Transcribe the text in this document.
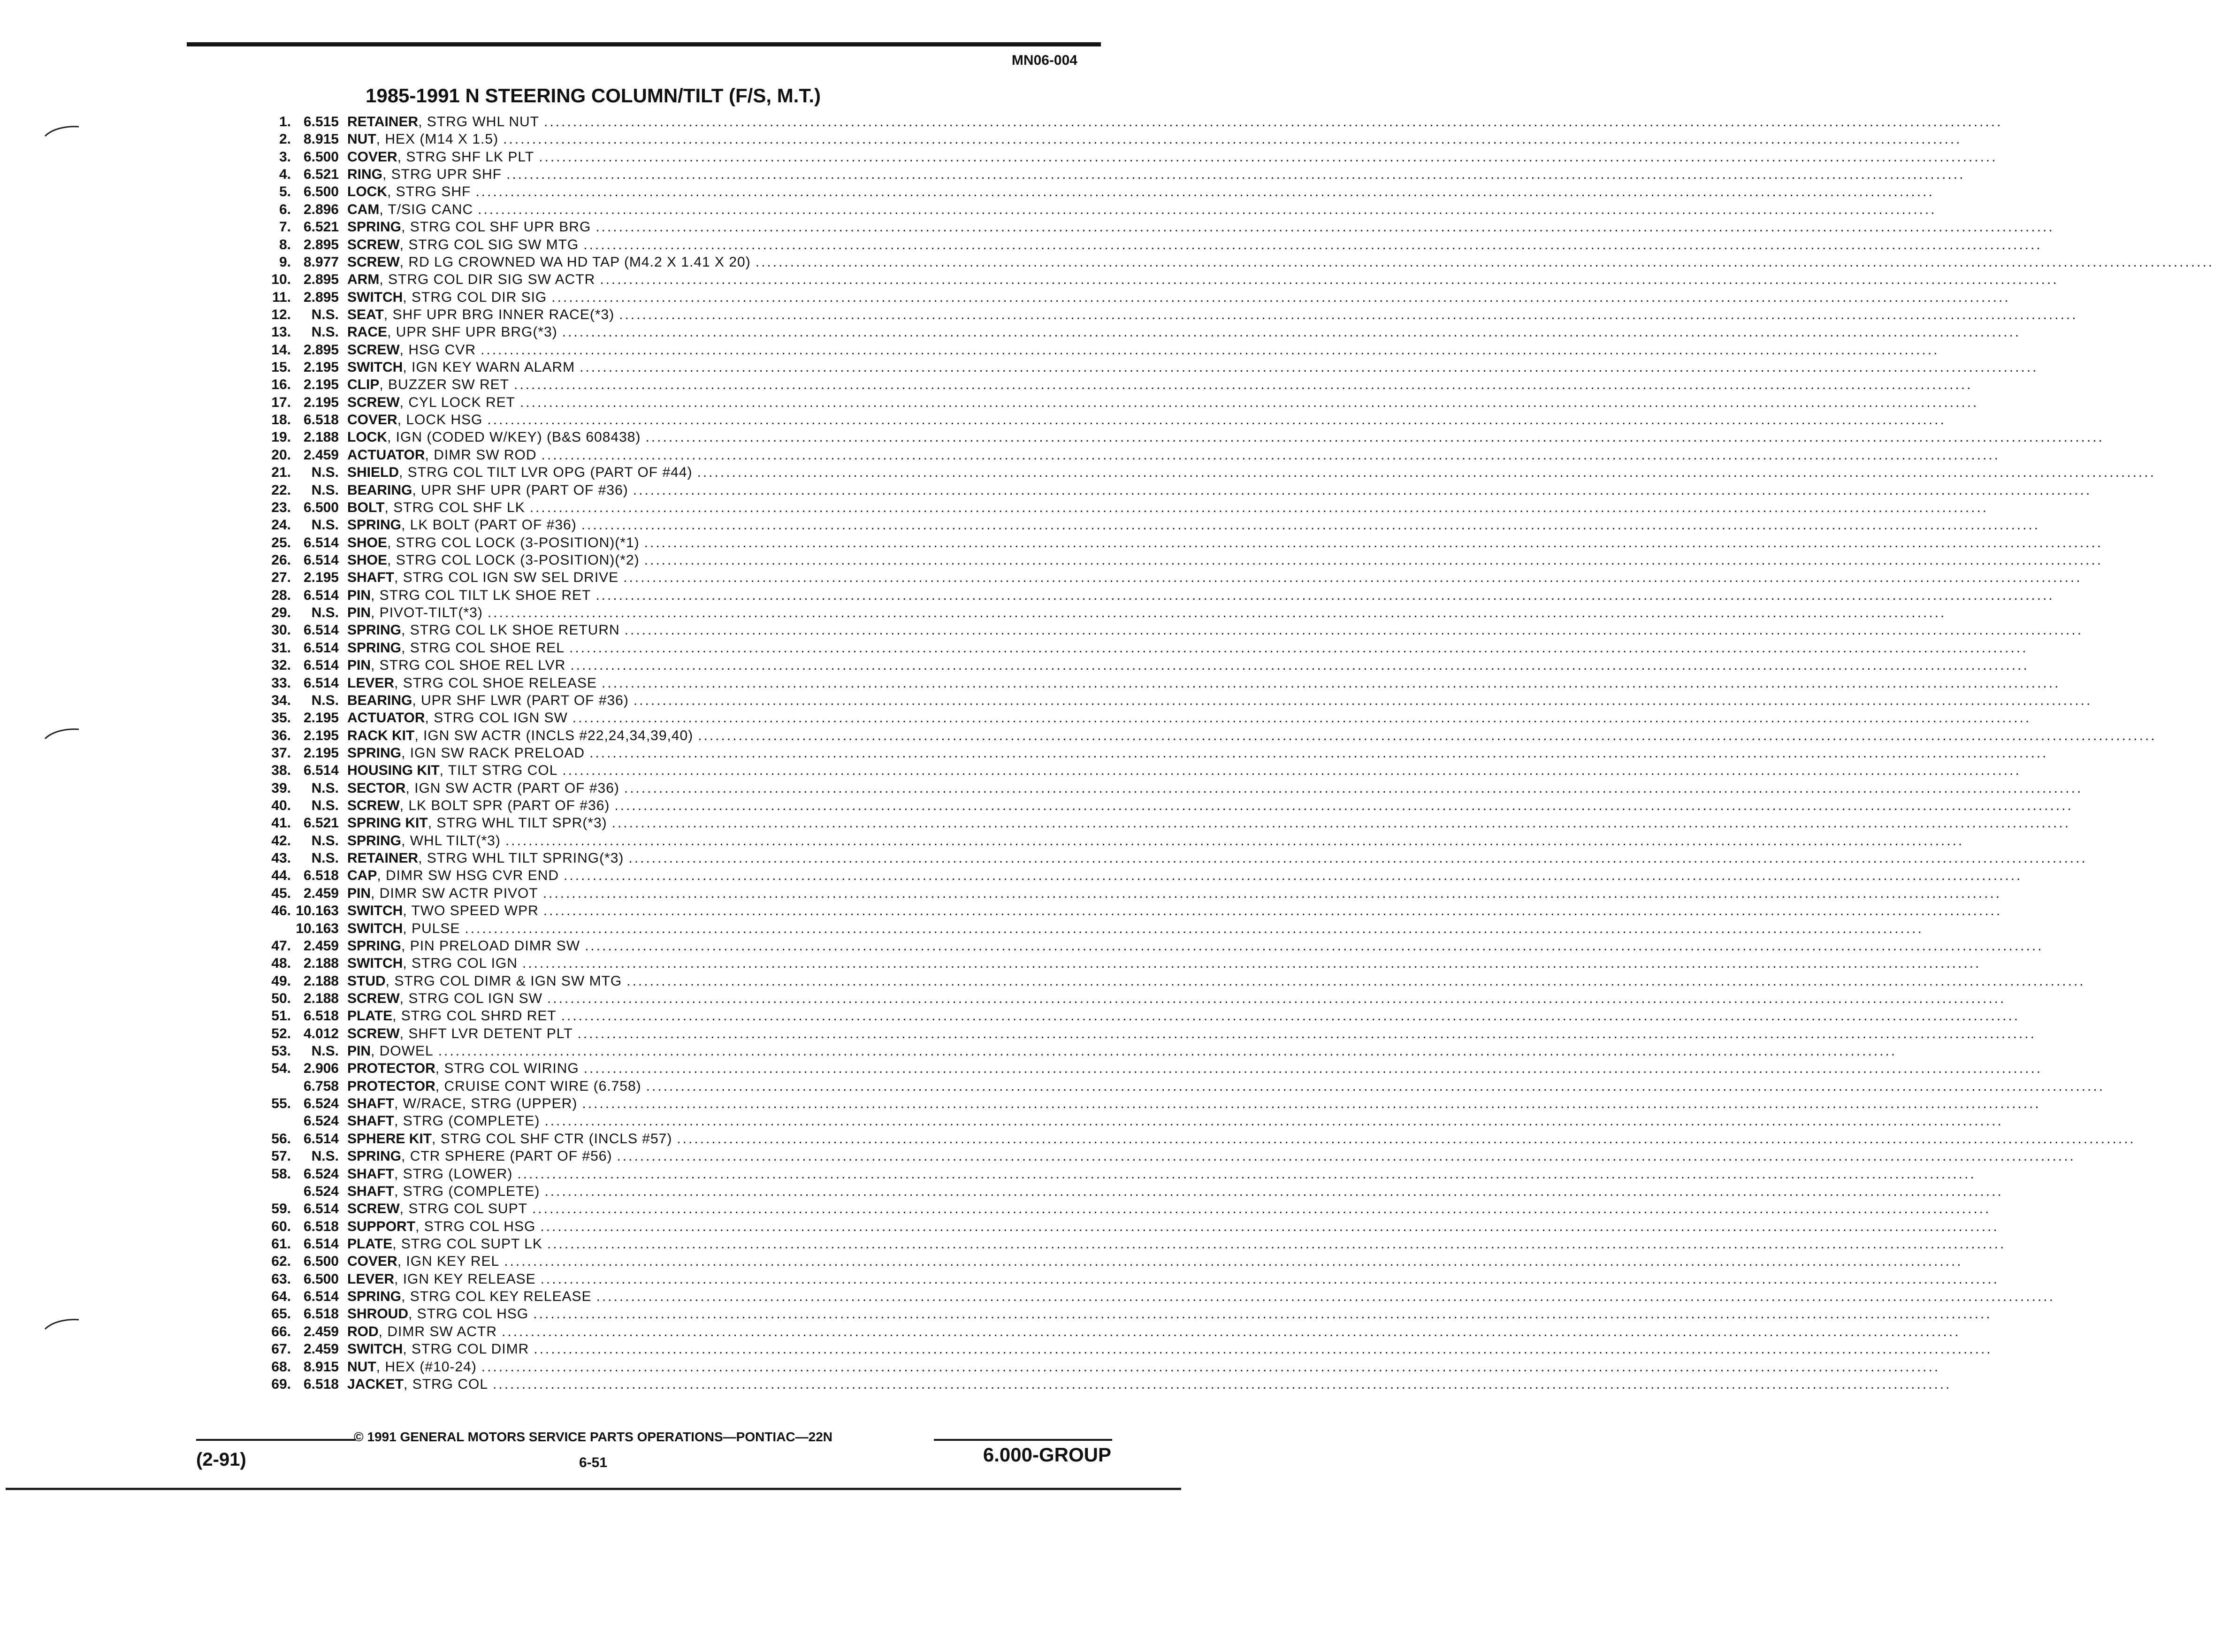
MN06-004
1985-1991 N STEERING COLUMN/TILT (F/S, M.T.)
1. 6.515 RETAINER , STRG WHL NUT ............................................................................................................................................................................................................................................................
2. 8.915 NUT , HEX (M14 X 1.5) ............................................................................................................................................................................................................................................................
3. 6.500 COVER , STRG SHF LK PLT ............................................................................................................................................................................................................................................................
4. 6.521 RING , STRG UPR SHF ............................................................................................................................................................................................................................................................
5. 6.500 LOCK , STRG SHF ............................................................................................................................................................................................................................................................
6. 2.896 CAM , T/SIG CANC ............................................................................................................................................................................................................................................................
7. 6.521 SPRING , STRG COL SHF UPR BRG ............................................................................................................................................................................................................................................................
8. 2.895 SCREW , STRG COL SIG SW MTG ............................................................................................................................................................................................................................................................
9. 8.977 SCREW , RD LG CROWNED WA HD TAP (M4.2 X 1.41 X 20) ............................................................................................................................................................................................................................................................
10. 2.895 ARM , STRG COL DIR SIG SW ACTR ............................................................................................................................................................................................................................................................
11. 2.895 SWITCH , STRG COL DIR SIG ............................................................................................................................................................................................................................................................
12. N.S. SEAT , SHF UPR BRG INNER RACE(*3) ............................................................................................................................................................................................................................................................
13. N.S. RACE , UPR SHF UPR BRG(*3) ............................................................................................................................................................................................................................................................
14. 2.895 SCREW , HSG CVR ............................................................................................................................................................................................................................................................
15. 2.195 SWITCH , IGN KEY WARN ALARM ............................................................................................................................................................................................................................................................
16. 2.195 CLIP , BUZZER SW RET ............................................................................................................................................................................................................................................................
17. 2.195 SCREW , CYL LOCK RET ............................................................................................................................................................................................................................................................
18. 6.518 COVER , LOCK HSG ............................................................................................................................................................................................................................................................
19. 2.188 LOCK , IGN (CODED W/KEY) (B&S 608438) ............................................................................................................................................................................................................................................................
20. 2.459 ACTUATOR , DIMR SW ROD ............................................................................................................................................................................................................................................................
21. N.S. SHIELD , STRG COL TILT LVR OPG (PART OF #44) ............................................................................................................................................................................................................................................................
22. N.S. BEARING , UPR SHF UPR (PART OF #36) ............................................................................................................................................................................................................................................................
23. 6.500 BOLT , STRG COL SHF LK ............................................................................................................................................................................................................................................................
24. N.S. SPRING , LK BOLT (PART OF #36) ............................................................................................................................................................................................................................................................
25. 6.514 SHOE , STRG COL LOCK (3-POSITION)(*1) ............................................................................................................................................................................................................................................................
26. 6.514 SHOE , STRG COL LOCK (3-POSITION)(*2) ............................................................................................................................................................................................................................................................
27. 2.195 SHAFT , STRG COL IGN SW SEL DRIVE ............................................................................................................................................................................................................................................................
28. 6.514 PIN , STRG COL TILT LK SHOE RET ............................................................................................................................................................................................................................................................
29. N.S. PIN , PIVOT-TILT(*3) ............................................................................................................................................................................................................................................................
30. 6.514 SPRING , STRG COL LK SHOE RETURN ............................................................................................................................................................................................................................................................
31. 6.514 SPRING , STRG COL SHOE REL ............................................................................................................................................................................................................................................................
32. 6.514 PIN , STRG COL SHOE REL LVR ............................................................................................................................................................................................................................................................
33. 6.514 LEVER , STRG COL SHOE RELEASE ............................................................................................................................................................................................................................................................
34. N.S. BEARING , UPR SHF LWR (PART OF #36) ............................................................................................................................................................................................................................................................
35. 2.195 ACTUATOR , STRG COL IGN SW ............................................................................................................................................................................................................................................................
36. 2.195 RACK KIT , IGN SW ACTR (INCLS #22,24,34,39,40) ............................................................................................................................................................................................................................................................
37. 2.195 SPRING , IGN SW RACK PRELOAD ............................................................................................................................................................................................................................................................
38. 6.514 HOUSING KIT , TILT STRG COL ............................................................................................................................................................................................................................................................
39. N.S. SECTOR , IGN SW ACTR (PART OF #36) ............................................................................................................................................................................................................................................................
40. N.S. SCREW , LK BOLT SPR (PART OF #36) ............................................................................................................................................................................................................................................................
41. 6.521 SPRING KIT , STRG WHL TILT SPR(*3) ............................................................................................................................................................................................................................................................
42. N.S. SPRING , WHL TILT(*3) ............................................................................................................................................................................................................................................................
43. N.S. RETAINER , STRG WHL TILT SPRING(*3) ............................................................................................................................................................................................................................................................
44. 6.518 CAP , DIMR SW HSG CVR END ............................................................................................................................................................................................................................................................
45. 2.459 PIN , DIMR SW ACTR PIVOT ............................................................................................................................................................................................................................................................
46. 10.163 SWITCH , TWO SPEED WPR ............................................................................................................................................................................................................................................................
10.163 SWITCH , PULSE ............................................................................................................................................................................................................................................................
47. 2.459 SPRING , PIN PRELOAD DIMR SW ............................................................................................................................................................................................................................................................
48. 2.188 SWITCH , STRG COL IGN ............................................................................................................................................................................................................................................................
49. 2.188 STUD , STRG COL DIMR & IGN SW MTG ............................................................................................................................................................................................................................................................
50. 2.188 SCREW , STRG COL IGN SW ............................................................................................................................................................................................................................................................
51. 6.518 PLATE , STRG COL SHRD RET ............................................................................................................................................................................................................................................................
52. 4.012 SCREW , SHFT LVR DETENT PLT ............................................................................................................................................................................................................................................................
53. N.S. PIN , DOWEL ............................................................................................................................................................................................................................................................
54. 2.906 PROTECTOR , STRG COL WIRING ............................................................................................................................................................................................................................................................
6.758 PROTECTOR , CRUISE CONT WIRE (6.758) ............................................................................................................................................................................................................................................................
55. 6.524 SHAFT , W/RACE, STRG (UPPER) ............................................................................................................................................................................................................................................................
6.524 SHAFT , STRG (COMPLETE) ............................................................................................................................................................................................................................................................
56. 6.514 SPHERE KIT , STRG COL SHF CTR (INCLS #57) ............................................................................................................................................................................................................................................................
57. N.S. SPRING , CTR SPHERE (PART OF #56) ............................................................................................................................................................................................................................................................
58. 6.524 SHAFT , STRG (LOWER) ............................................................................................................................................................................................................................................................
6.524 SHAFT , STRG (COMPLETE) ............................................................................................................................................................................................................................................................
59. 6.514 SCREW , STRG COL SUPT ............................................................................................................................................................................................................................................................
60. 6.518 SUPPORT , STRG COL HSG ............................................................................................................................................................................................................................................................
61. 6.514 PLATE , STRG COL SUPT LK ............................................................................................................................................................................................................................................................
62. 6.500 COVER , IGN KEY REL ............................................................................................................................................................................................................................................................
63. 6.500 LEVER , IGN KEY RELEASE ............................................................................................................................................................................................................................................................
64. 6.514 SPRING , STRG COL KEY RELEASE ............................................................................................................................................................................................................................................................
65. 6.518 SHROUD , STRG COL HSG ............................................................................................................................................................................................................................................................
66. 2.459 ROD , DIMR SW ACTR ............................................................................................................................................................................................................................................................
67. 2.459 SWITCH , STRG COL DIMR ............................................................................................................................................................................................................................................................
68. 8.915 NUT , HEX (#10-24) ............................................................................................................................................................................................................................................................
69. 6.518 JACKET , STRG COL ............................................................................................................................................................................................................................................................
© 1991 GENERAL MOTORS SERVICE PARTS OPERATIONS—PONTIAC—22N
(2-91)	6-51	6.000-GROUP
